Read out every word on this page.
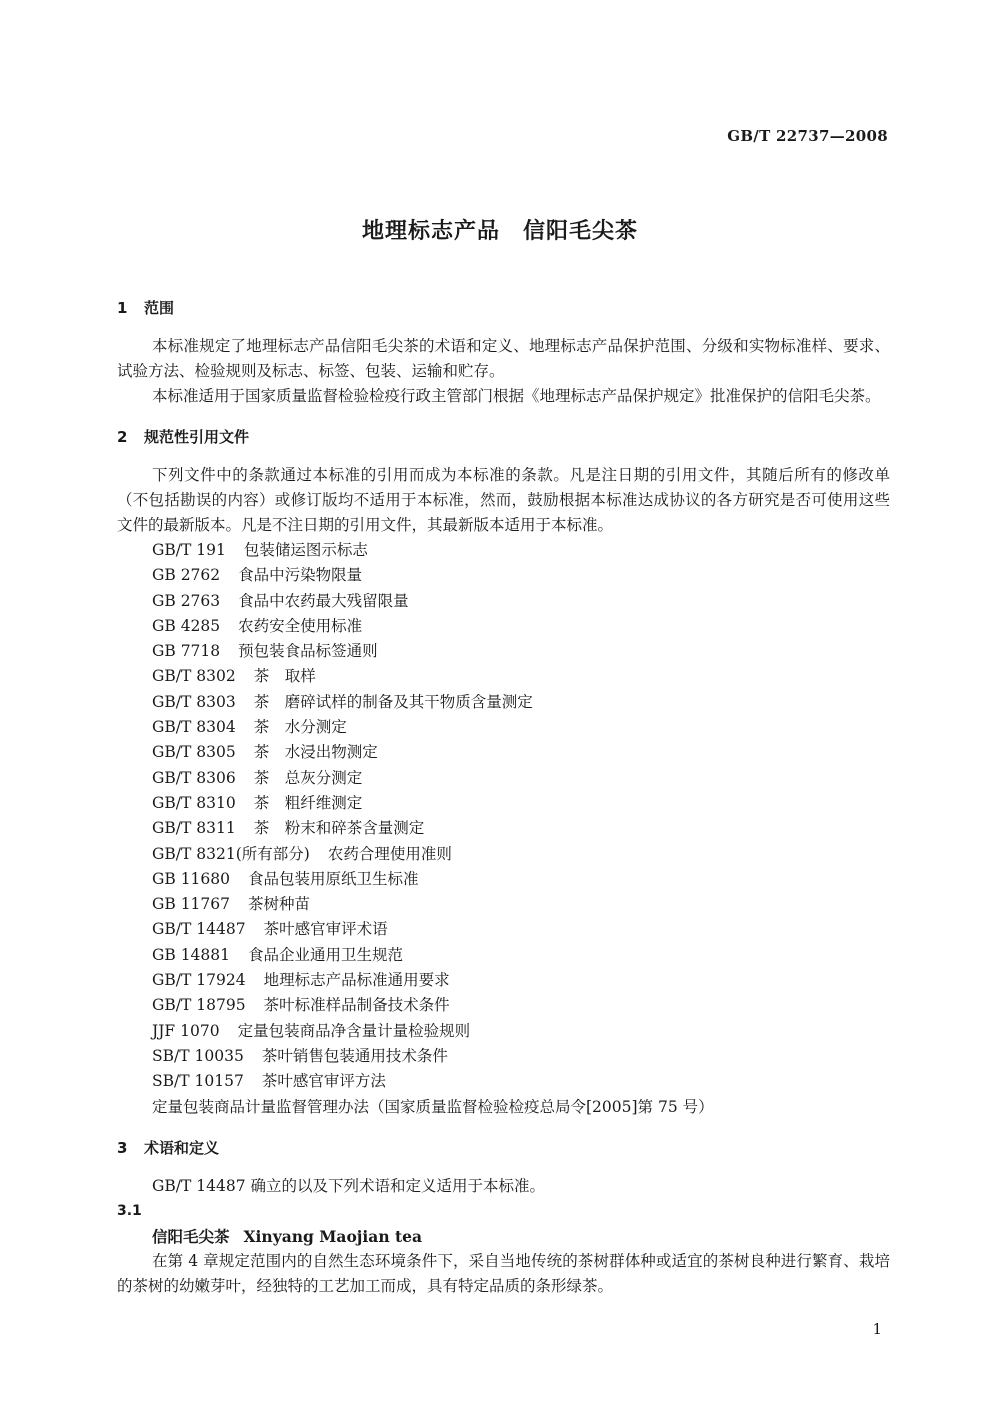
GB/T 22737—2008
地理标志产品　信阳毛尖茶
1 范围
本标准规定了地理标志产品信阳毛尖茶的术语和定义、地理标志产品保护范围、分级和实物标准样、要求、试验方法、检验规则及标志、标签、包装、运输和贮存。
本标准适用于国家质量监督检验检疫行政主管部门根据《地理标志产品保护规定》批准保护的信阳毛尖茶。
2 规范性引用文件
下列文件中的条款通过本标准的引用而成为本标准的条款。凡是注日期的引用文件，其随后所有的修改单（不包括勘误的内容）或修订版均不适用于本标准，然而，鼓励根据本标准达成协议的各方研究是否可使用这些文件的最新版本。凡是不注日期的引用文件，其最新版本适用于本标准。
GB/T 191 包装储运图示标志
GB 2762 食品中污染物限量
GB 2763 食品中农药最大残留限量
GB 4285 农药安全使用标准
GB 7718 预包装食品标签通则
GB/T 8302 茶　取样
GB/T 8303 茶　磨碎试样的制备及其干物质含量测定
GB/T 8304 茶　水分测定
GB/T 8305 茶　水浸出物测定
GB/T 8306 茶　总灰分测定
GB/T 8310 茶　粗纤维测定
GB/T 8311 茶　粉末和碎茶含量测定
GB/T 8321(所有部分) 农药合理使用准则
GB 11680 食品包装用原纸卫生标准
GB 11767 茶树种苗
GB/T 14487 茶叶感官审评术语
GB 14881 食品企业通用卫生规范
GB/T 17924 地理标志产品标准通用要求
GB/T 18795 茶叶标准样品制备技术条件
JJF 1070 定量包装商品净含量计量检验规则
SB/T 10035 茶叶销售包装通用技术条件
SB/T 10157 茶叶感官审评方法
定量包装商品计量监督管理办法（国家质量监督检验检疫总局令[2005]第 75 号）
3 术语和定义
GB/T 14487 确立的以及下列术语和定义适用于本标准。
3.1
信阳毛尖茶 Xinyang Maojian tea
在第 4 章规定范围内的自然生态环境条件下，采自当地传统的茶树群体种或适宜的茶树良种进行繁育、栽培的茶树的幼嫩芽叶，经独特的工艺加工而成，具有特定品质的条形绿茶。
1
